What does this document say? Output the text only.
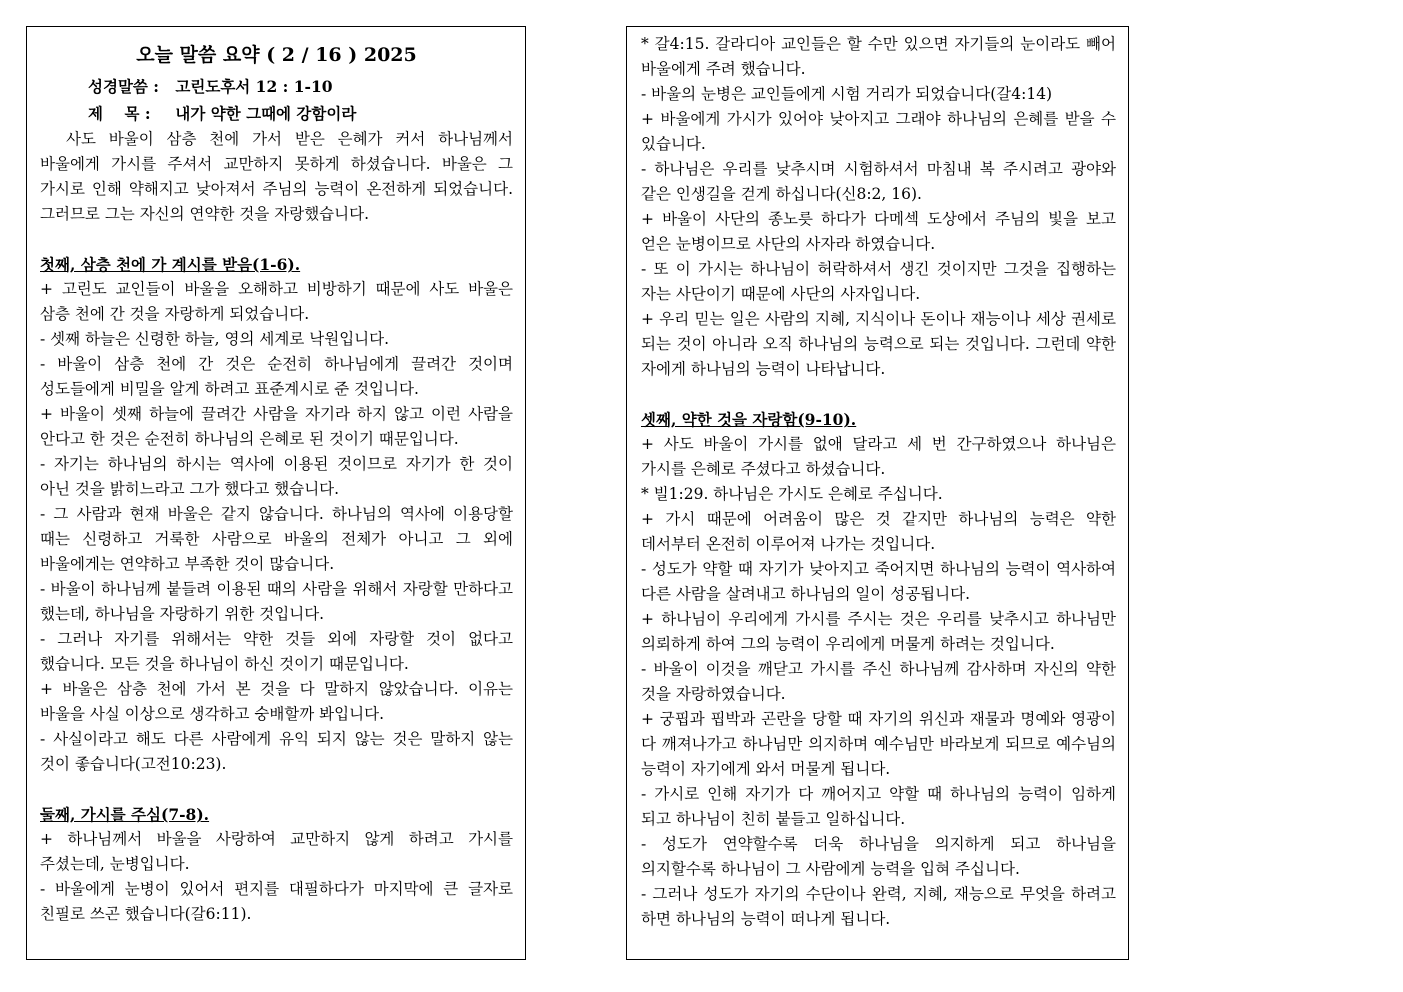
오늘 말씀 요약 ( 2 / 16 ) 2025
성경말씀 : 고린도후서 12 : 1-10
제    목 : 내가 약한 그때에 강함이라

사도 바울이 삼층 천에 가서 받은 은혜가 커서 하나님께서 바울에게 가시를 주셔서 교만하지 못하게 하셨습니다. 바울은 그 가시로 인해 약해지고 낮아져서 주님의 능력이 온전하게 되었습니다. 그러므로 그는 자신의 연약한 것을 자랑했습니다.

첫째, 삼층 천에 가 계시를 받음(1-6).

+ 고린도 교인들이 바울을 오해하고 비방하기 때문에 사도 바울은 삼층 천에 간 것을 자랑하게 되었습니다.

- 셋째 하늘은 신령한 하늘, 영의 세계로 낙원입니다.

- 바울이 삼층 천에 간 것은 순전히 하나님에게 끌려간 것이며 성도들에게 비밀을 알게 하려고 표준계시로 준 것입니다.

+ 바울이 셋째 하늘에 끌려간 사람을 자기라 하지 않고 이런 사람을 안다고 한 것은 순전히 하나님의 은혜로 된 것이기 때문입니다.

- 자기는 하나님의 하시는 역사에 이용된 것이므로 자기가 한 것이 아닌 것을 밝히느라고 그가 했다고 했습니다.

- 그 사람과 현재 바울은 같지 않습니다. 하나님의 역사에 이용당할 때는 신령하고 거룩한 사람으로 바울의 전체가 아니고 그 외에 바울에게는 연약하고 부족한 것이 많습니다.

- 바울이 하나님께 붙들려 이용된 때의 사람을 위해서 자랑할 만하다고 했는데, 하나님을 자랑하기 위한 것입니다.

- 그러나 자기를 위해서는 약한 것들 외에 자랑할 것이 없다고 했습니다. 모든 것을 하나님이 하신 것이기 때문입니다.

+ 바울은 삼층 천에 가서 본 것을 다 말하지 않았습니다. 이유는 바울을 사실 이상으로 생각하고 숭배할까 봐입니다.

- 사실이라고 해도 다른 사람에게 유익 되지 않는 것은 말하지 않는 것이 좋습니다(고전10:23).

둘째, 가시를 주심(7-8).

+ 하나님께서 바울을 사랑하여 교만하지 않게 하려고 가시를 주셨는데, 눈병입니다.

- 바울에게 눈병이 있어서 편지를 대필하다가 마지막에 큰 글자로 친필로 쓰곤 했습니다(갈6:11).

* 갈4:15. 갈라디아 교인들은 할 수만 있으면 자기들의 눈이라도 빼어 바울에게 주려 했습니다.

- 바울의 눈병은 교인들에게 시험 거리가 되었습니다(갈4:14)

+ 바울에게 가시가 있어야 낮아지고 그래야 하나님의 은혜를 받을 수 있습니다.

- 하나님은 우리를 낮추시며 시험하셔서 마침내 복 주시려고 광야와 같은 인생길을 걷게 하십니다(신8:2, 16).

+ 바울이 사단의 종노릇 하다가 다메섹 도상에서 주님의 빛을 보고 얻은 눈병이므로 사단의 사자라 하였습니다.

- 또 이 가시는 하나님이 허락하셔서 생긴 것이지만 그것을 집행하는 자는 사단이기 때문에 사단의 사자입니다.

+ 우리 믿는 일은 사람의 지혜, 지식이나 돈이나 재능이나 세상 권세로 되는 것이 아니라 오직 하나님의 능력으로 되는 것입니다. 그런데 약한 자에게 하나님의 능력이 나타납니다.

셋째, 약한 것을 자랑함(9-10).

+ 사도 바울이 가시를 없애 달라고 세 번 간구하였으나 하나님은 가시를 은혜로 주셨다고 하셨습니다.

* 빌1:29. 하나님은 가시도 은혜로 주십니다.

+ 가시 때문에 어려움이 많은 것 같지만 하나님의 능력은 약한 데서부터 온전히 이루어져 나가는 것입니다.

- 성도가 약할 때 자기가 낮아지고 죽어지면 하나님의 능력이 역사하여 다른 사람을 살려내고 하나님의 일이 성공됩니다.

+ 하나님이 우리에게 가시를 주시는 것은 우리를 낮추시고 하나님만 의뢰하게 하여 그의 능력이 우리에게 머물게 하려는 것입니다.

- 바울이 이것을 깨닫고 가시를 주신 하나님께 감사하며 자신의 약한 것을 자랑하였습니다.

+ 궁핍과 핍박과 곤란을 당할 때 자기의 위신과 재물과 명예와 영광이 다 깨져나가고 하나님만 의지하며 예수님만 바라보게 되므로 예수님의 능력이 자기에게 와서 머물게 됩니다.

- 가시로 인해 자기가 다 깨어지고 약할 때 하나님의 능력이 임하게 되고 하나님이 친히 붙들고 일하십니다.

- 성도가 연약할수록 더욱 하나님을 의지하게 되고 하나님을 의지할수록 하나님이 그 사람에게 능력을 입혀 주십니다.

- 그러나 성도가 자기의 수단이나 완력, 지혜, 재능으로 무엇을 하려고 하면 하나님의 능력이 떠나게 됩니다.
